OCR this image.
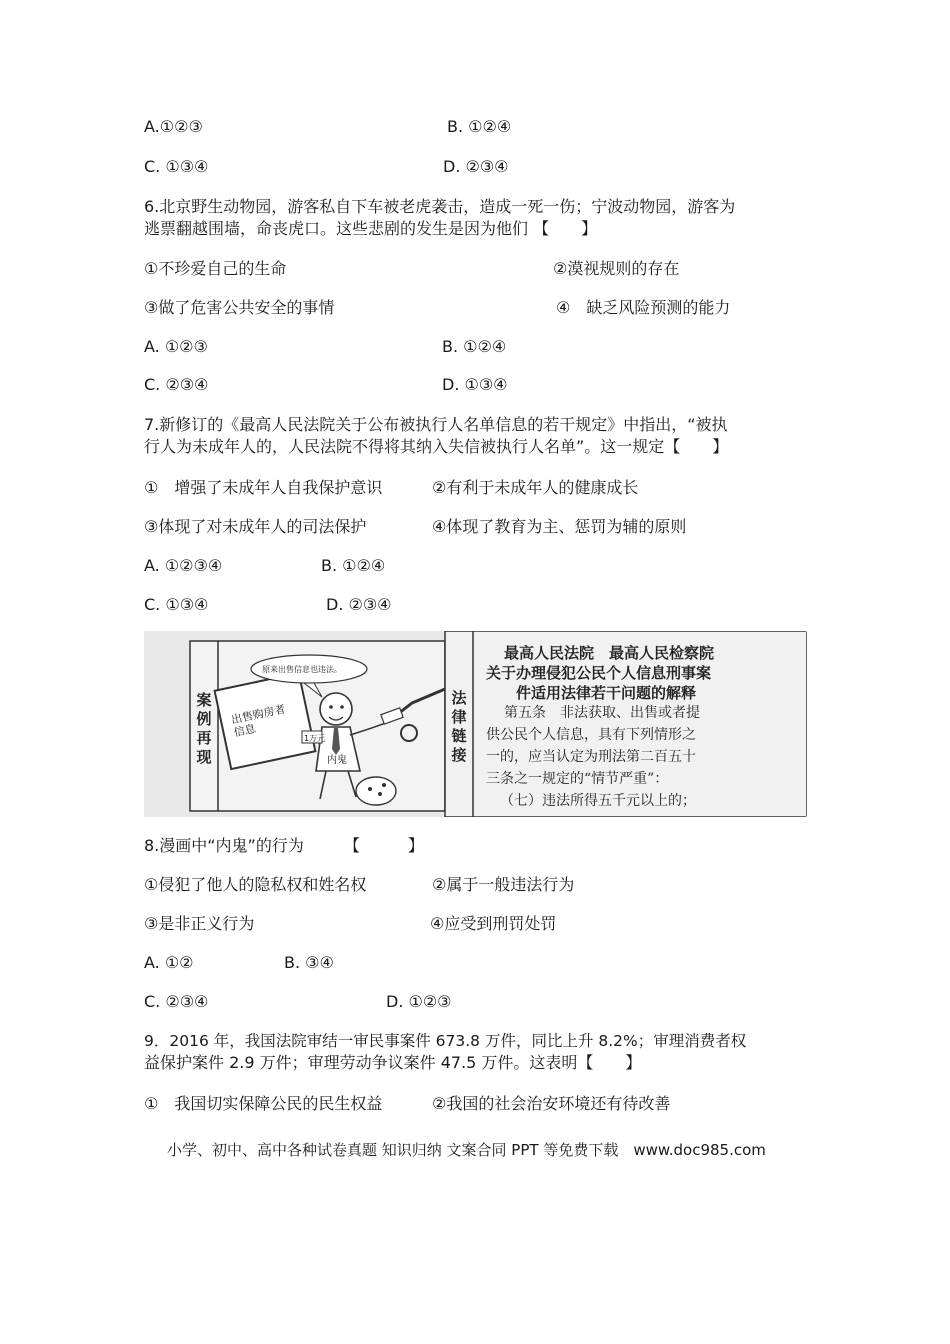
A.①②③	B. ①②④
C. ①③④	D. ②③④
6.北京野生动物园，游客私自下车被老虎袭击，造成一死一伤；宁波动物园，游客为
逃票翻越围墙，命丧虎口。这些悲剧的发生是因为他们 【　　】
①不珍爱自己的生命	②漠视规则的存在
③做了危害公共安全的事情	④　缺乏风险预测的能力
A. ①②③	B. ①②④
C. ②③④	D. ①③④
7.新修订的《最高人民法院关于公布被执行人名单信息的若干规定》中指出，“被执
行人为未成年人的，人民法院不得将其纳入失信被执行人名单”。这一规定【　　】
①　增强了未成年人自我保护意识	②有利于未成年人的健康成长
③体现了对未成年人的司法保护	④体现了教育为主、惩罚为辅的原则
A. ①②③④	B. ①②④
C. ①③④	D. ②③④
案例再现
法律链接
原来出售信息也违法。
出售购房者信息	1万元
内鬼
最高人民法院　最高人民检察院
关于办理侵犯公民个人信息刑事案
件适用法律若干问题的解释
第五条　非法获取、出售或者提
供公民个人信息，具有下列情形之
一的，应当认定为刑法第二百五十
三条之一规定的“情节严重”：
（七）违法所得五千元以上的；
8.漫画中“内鬼”的行为　　　【　　　】
①侵犯了他人的隐私权和姓名权	②属于一般违法行为
③是非正义行为	④应受到刑罚处罚
A. ①②	B. ③④
C. ②③④	D. ①②③
9．2016 年，我国法院审结一审民事案件 673.8 万件，同比上升 8.2%；审理消费者权
益保护案件 2.9 万件；审理劳动争议案件 47.5 万件。这表明【　　】
①　我国切实保障公民的民生权益	②我国的社会治安环境还有待改善
小学、初中、高中各种试卷真题 知识归纳 文案合同 PPT 等免费下载　www.doc985.com
